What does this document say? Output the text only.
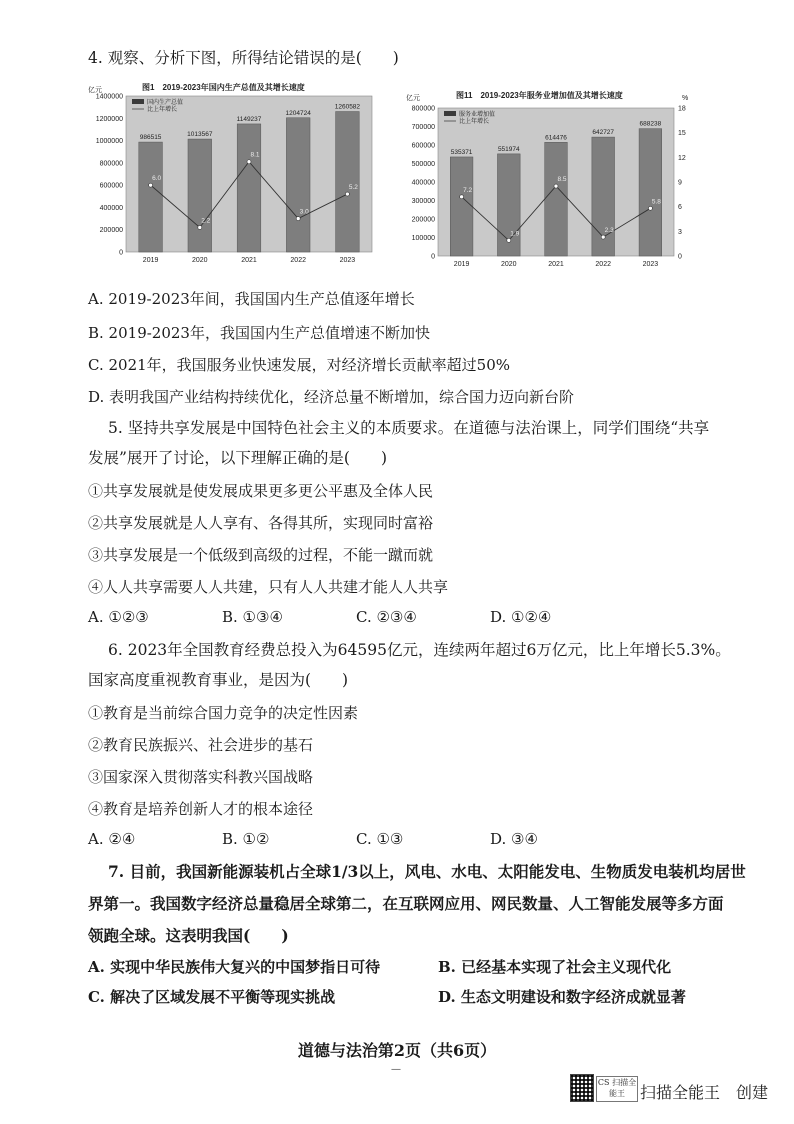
4. 观察、分析下图，所得结论错误的是(　　)
图1　2019-2023年国内生产总值及其增长速度
亿元
国内生产总值
比上年增长
0
200000
400000
600000
800000
1000000
1200000
1400000
986515
2019
1013567
2020
1149237
2021
1204724
2022
1260582
2023
6.0
2.2
8.1
3.0
5.2
图11　2019-2023年服务业增加值及其增长速度
亿元	%
服务业增加值
比上年增长
0
100000
200000
300000
400000
500000
600000
700000
800000
0
3
6
9
12
15
18
535371
2019
551974
2020
614476
2021
642727
2022
688238
2023
7.2
1.9
8.5
2.3
5.8
A. 2019-2023年间，我国国内生产总值逐年增长
B. 2019-2023年，我国国内生产总值增速不断加快
C. 2021年，我国服务业快速发展，对经济增长贡献率超过50%
D. 表明我国产业结构持续优化，经济总量不断增加，综合国力迈向新台阶
5. 坚持共享发展是中国特色社会主义的本质要求。在道德与法治课上，同学们围绕“共享
发展”展开了讨论，以下理解正确的是(　　)
①共享发展就是使发展成果更多更公平惠及全体人民
②共享发展就是人人享有、各得其所，实现同时富裕
③共享发展是一个低级到高级的过程，不能一蹴而就
④人人共享需要人人共建，只有人人共建才能人人共享
A. ①②③	B. ①③④	C. ②③④	D. ①②④
6. 2023年全国教育经费总投入为64595亿元，连续两年超过6万亿元，比上年增长5.3%。
国家高度重视教育事业，是因为(　　)
①教育是当前综合国力竞争的决定性因素
②教育民族振兴、社会进步的基石
③国家深入贯彻落实科教兴国战略
④教育是培养创新人才的根本途径
A. ②④	B. ①②	C. ①③	D. ③④
7. 目前，我国新能源装机占全球1/3以上，风电、水电、太阳能发电、生物质发电装机均居世
界第一。我国数字经济总量稳居全球第二，在互联网应用、网民数量、人工智能发展等多方面
领跑全球。这表明我国(　　)
A. 实现中华民族伟大复兴的中国梦指日可待	B. 已经基本实现了社会主义现代化
C. 解决了区域发展不平衡等现实挑战	D. 生态文明建设和数字经济成就显著
道德与法治第2页（共6页）
—
CS 扫描全能王 扫描全能王　创建
